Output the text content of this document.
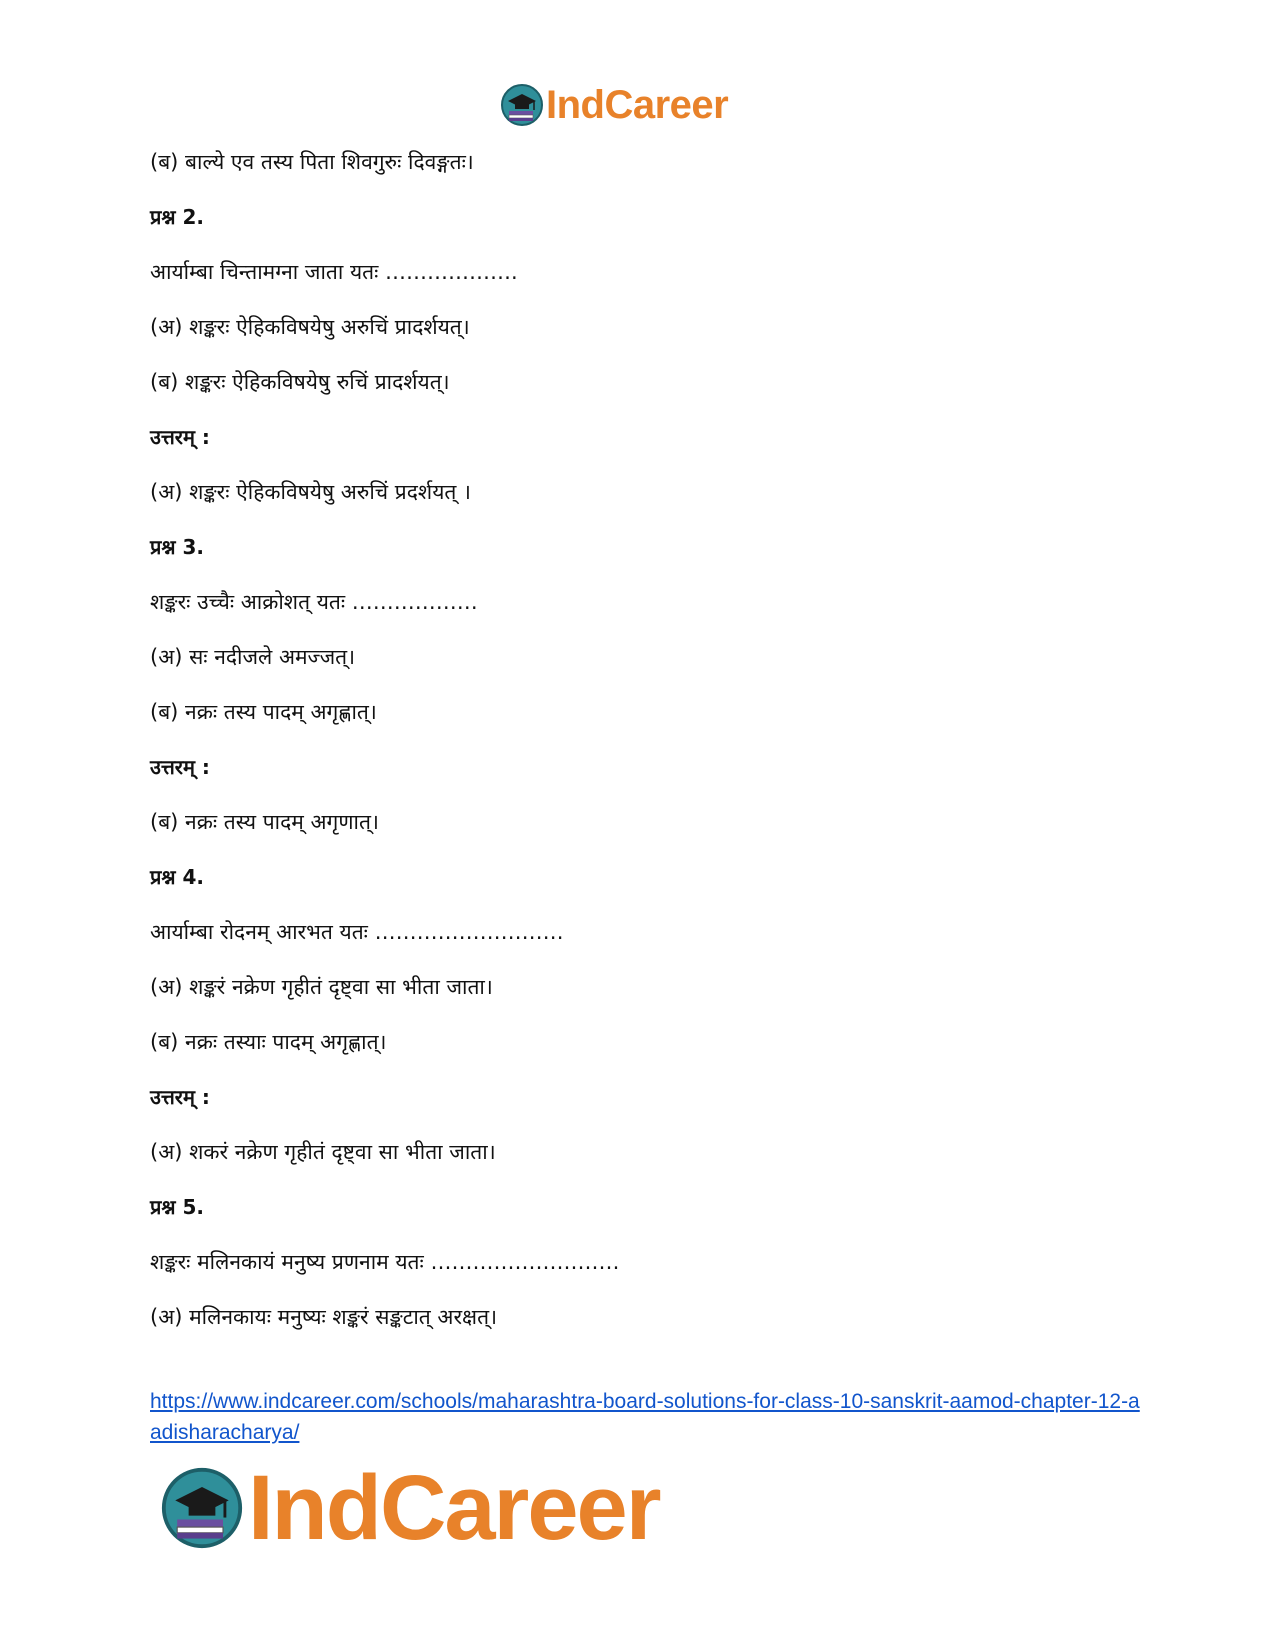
IndCareer
(ब) बाल्ये एव तस्य पिता शिवगुरुः दिवङ्गतः।
प्रश्न 2.
आर्याम्बा चिन्तामग्ना जाता यतः ……………….
(अ) शङ्करः ऐहिकविषयेषु अरुचिं प्रादर्शयत्।
(ब) शङ्करः ऐहिकविषयेषु रुचिं प्रादर्शयत्।
उत्तरम् :
(अ) शङ्करः ऐहिकविषयेषु अरुचिं प्रदर्शयत् ।
प्रश्न 3.
शङ्करः उच्चैः आक्रोशत् यतः ………………
(अ) सः नदीजले अमज्जत्।
(ब) नक्रः तस्य पादम् अगृह्णात्।
उत्तरम् :
(ब) नक्रः तस्य पादम् अगृणात्।
प्रश्न 4.
आर्याम्बा रोदनम् आरभत यतः ………………………
(अ) शङ्करं नक्रेण गृहीतं दृष्ट्वा सा भीता जाता।
(ब) नक्रः तस्याः पादम् अगृह्णात्।
उत्तरम् :
(अ) शकरं नक्रेण गृहीतं दृष्ट्वा सा भीता जाता।
प्रश्न 5.
शङ्करः मलिनकायं मनुष्य प्रणनाम यतः ………………………
(अ) मलिनकायः मनुष्यः शङ्करं सङ्कटात् अरक्षत्।
https://www.indcareer.com/schools/maharashtra-board-solutions-for-class-10-sanskrit-aamod-chapter-12-aadisharacharya/
IndCareer
